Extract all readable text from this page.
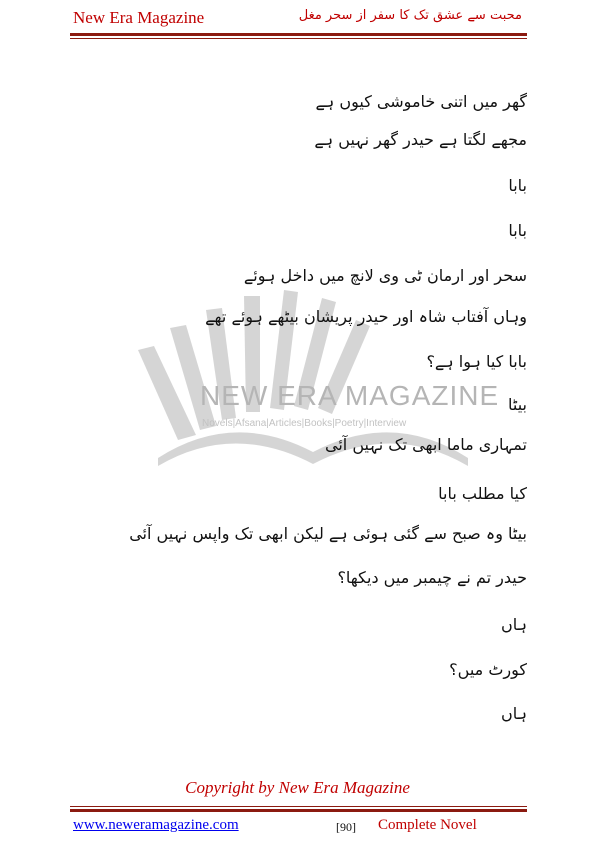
New Era Magazine	محبت سے عشق تک کا سفر از سحر مغل
NEW ERA MAGAZINE
Novels|Afsana|Articles|Books|Poetry|Interview
گھر میں اتنی خاموشی کیوں ہے
مجھے لگتا ہے حیدر گھر نہیں ہے
بابا
بابا
سحر اور ارمان ٹی وی لانچ میں داخل ہوئے
وہاں آفتاب شاہ اور حیدر پریشان بیٹھے ہوئے تھے
بابا کیا ہوا ہے؟
بیٹا
تمہاری ماما ابھی تک نہیں آئی
کیا مطلب بابا
بیٹا وہ صبح سے گئی ہوئی ہے لیکن ابھی تک واپس نہیں آئی
حیدر تم نے چیمبر میں دیکھا؟
ہاں
کورٹ میں؟
ہاں
Copyright by New Era Magazine
www.neweramagazine.com	[90] Complete Novel
